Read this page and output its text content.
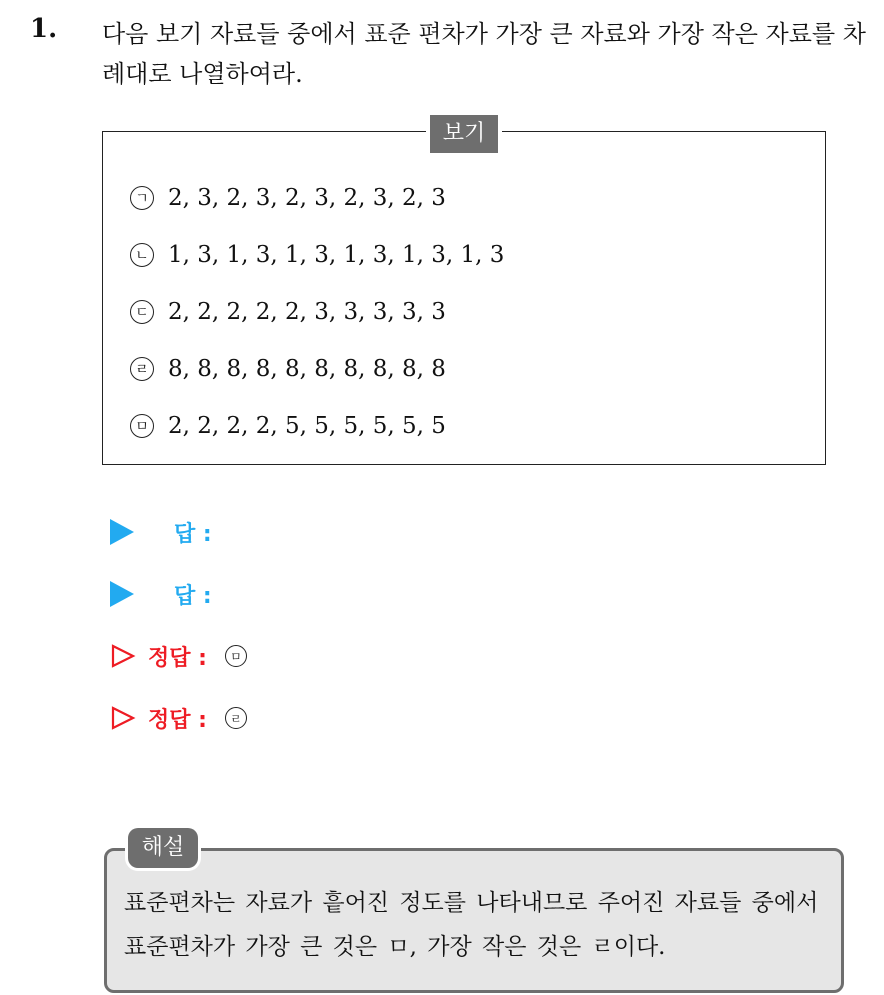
1. 다음 보기 자료들 중에서 표준 편차가 가장 큰 자료와 가장 작은 자료를 차례대로 나열하여라.
보기
ㄱ 2, 3, 2, 3, 2, 3, 2, 3, 2, 3
ㄴ 1, 3, 1, 3, 1, 3, 1, 3, 1, 3, 1, 3
ㄷ 2, 2, 2, 2, 2, 3, 3, 3, 3, 3
ㄹ 8, 8, 8, 8, 8, 8, 8, 8, 8, 8
ㅁ 2, 2, 2, 2, 5, 5, 5, 5, 5, 5
답 :
답 :
정답 :	ㅁ
정답 :	ㄹ
해설
표준편차는 자료가 흩어진 정도를 나타내므로 주어진 자료들 중에서 표준편차가 가장 큰 것은 ㅁ, 가장 작은 것은 ㄹ이다.
